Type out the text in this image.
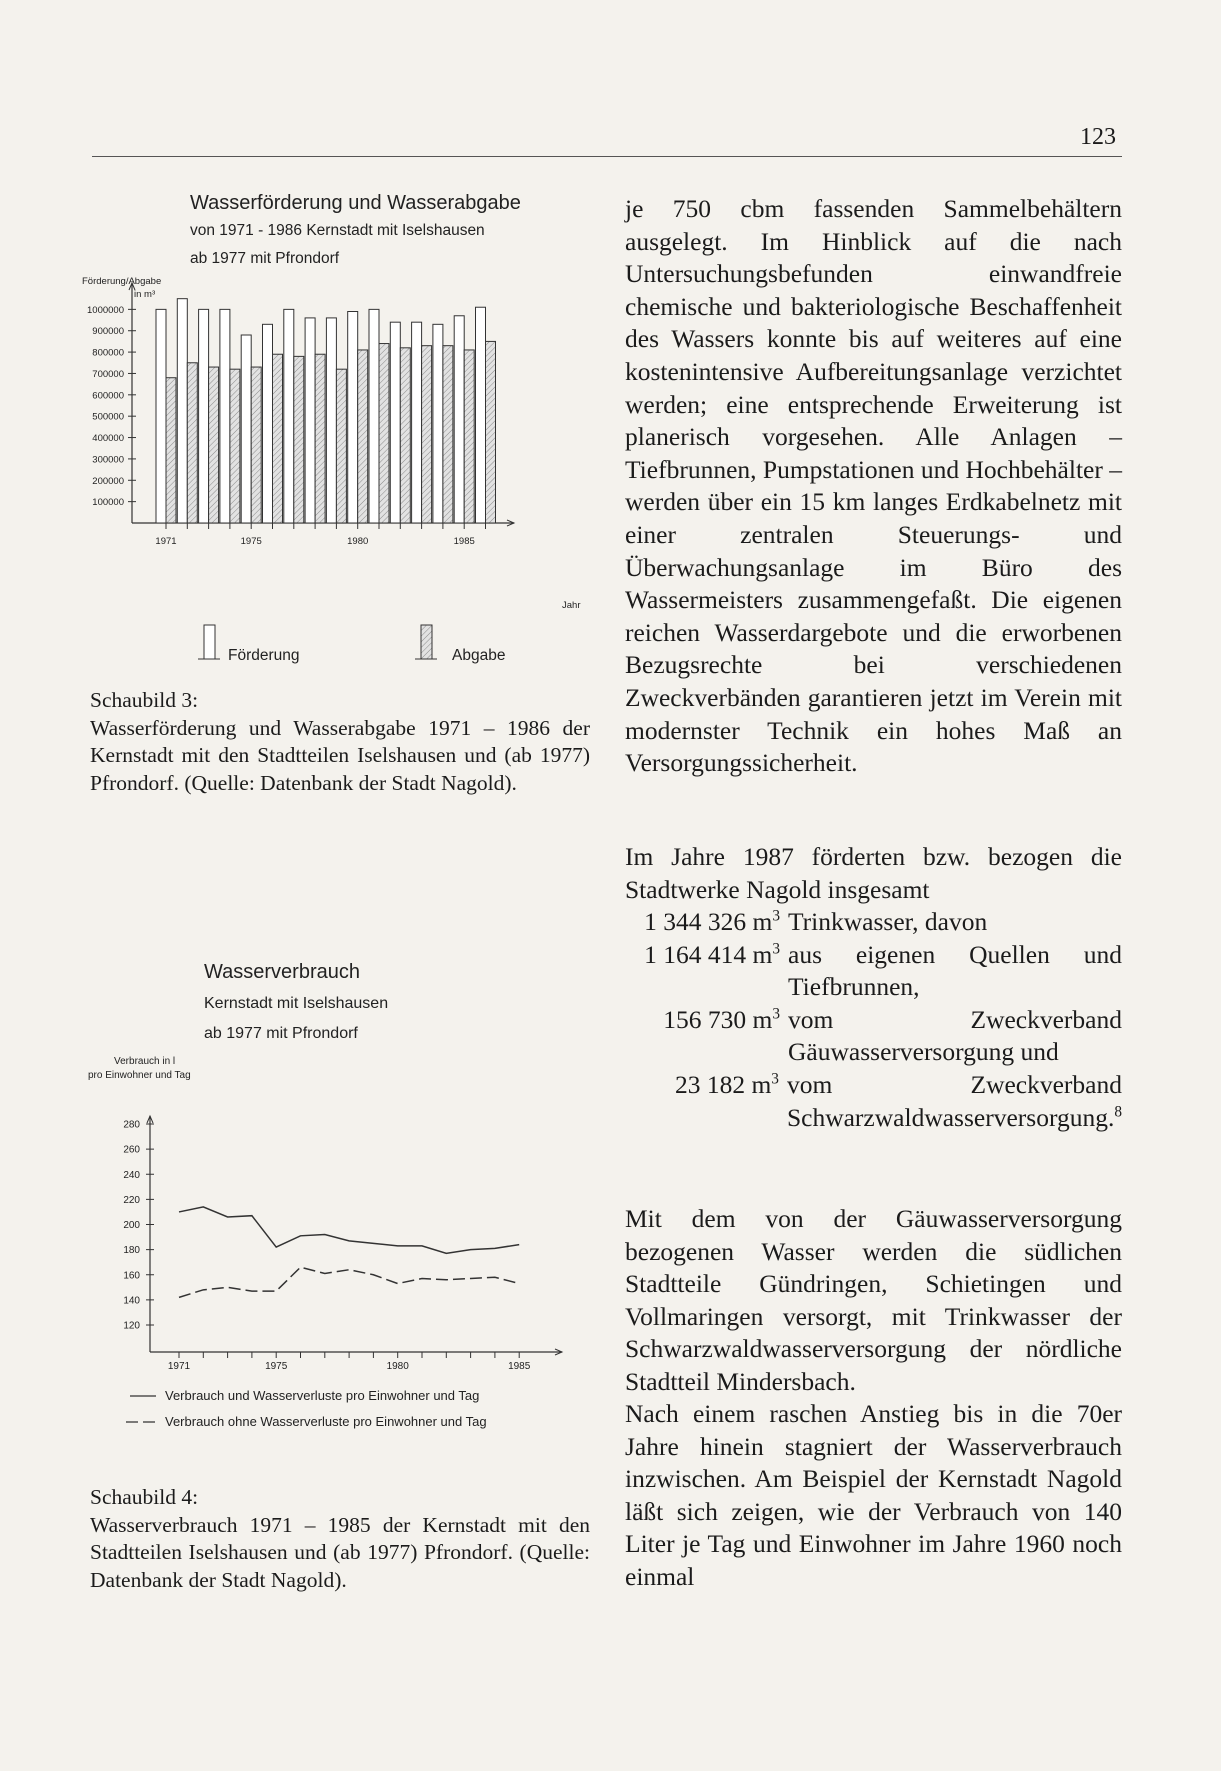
123
Wasserförderung und Wasserabgabe
von 1971 - 1986 Kernstadt mit Iselshausen
ab 1977 mit Pfrondorf
Förderung/Abgabe
in m³
Jahr
100000
200000
300000
400000
500000
600000
700000
800000
900000
1000000
1971	1975	1980	1985
Förderung	Abgabe
Schaubild 3:
Wasserförderung und Wasserabgabe 1971 – 1986 der Kernstadt mit den Stadtteilen Iselshausen und (ab 1977) Pfrondorf. (Quelle: Datenbank der Stadt Nagold).
Wasserverbrauch
Kernstadt mit Iselshausen
ab 1977 mit Pfrondorf
Verbrauch in l
pro Einwohner und Tag
120
140
160
180
200
220
240
260
280
1971	1975	1980	1985
Verbrauch und Wasserverluste pro Einwohner und Tag
Verbrauch ohne Wasserverluste pro Einwohner und Tag
Schaubild 4:
Wasserverbrauch 1971 – 1985 der Kernstadt mit den Stadtteilen Iselshausen und (ab 1977) Pfrondorf. (Quelle: Datenbank der Stadt Nagold).

je 750 cbm fassenden Sammelbehältern ausgelegt. Im Hinblick auf die nach Untersuchungsbefunden einwandfreie chemische und bakteriologische Beschaffenheit des Wassers konnte bis auf weiteres auf eine kostenintensive Aufbereitungsanlage verzichtet werden; eine entsprechende Erweiterung ist planerisch vorgesehen. Alle Anlagen – Tiefbrunnen, Pumpstationen und Hochbehälter – werden über ein 15 km langes Erdkabelnetz mit einer zentralen Steuerungs- und Überwachungsanlage im Büro des Wassermeisters zusammengefaßt. Die eigenen reichen Wasserdargebote und die erworbenen Bezugsrechte bei verschiedenen Zweckverbänden garantieren jetzt im Verein mit modernster Technik ein hohes Maß an Versorgungssicherheit.

Im Jahre 1987 förderten bzw. bezogen die Stadtwerke Nagold insgesamt

1 344 326 $m^3$ Trinkwasser, davon
1 164 414 $m^3$ aus eigenen Quellen und Tiefbrunnen,
156 730 $m^3$ vom Zweckverband Gäuwasserversorgung und
23 182 $m^3$ vom Zweckverband Schwarzwaldwasserversorgung.$^8$

Mit dem von der Gäuwasserversorgung bezogenen Wasser werden die südlichen Stadtteile Gündringen, Schietingen und Vollmaringen versorgt, mit Trinkwasser der Schwarzwaldwasserversorgung der nördliche Stadtteil Mindersbach.

Nach einem raschen Anstieg bis in die 70er Jahre hinein stagniert der Wasserverbrauch inzwischen. Am Beispiel der Kernstadt Nagold läßt sich zeigen, wie der Verbrauch von 140 Liter je Tag und Einwohner im Jahre 1960 noch einmal
